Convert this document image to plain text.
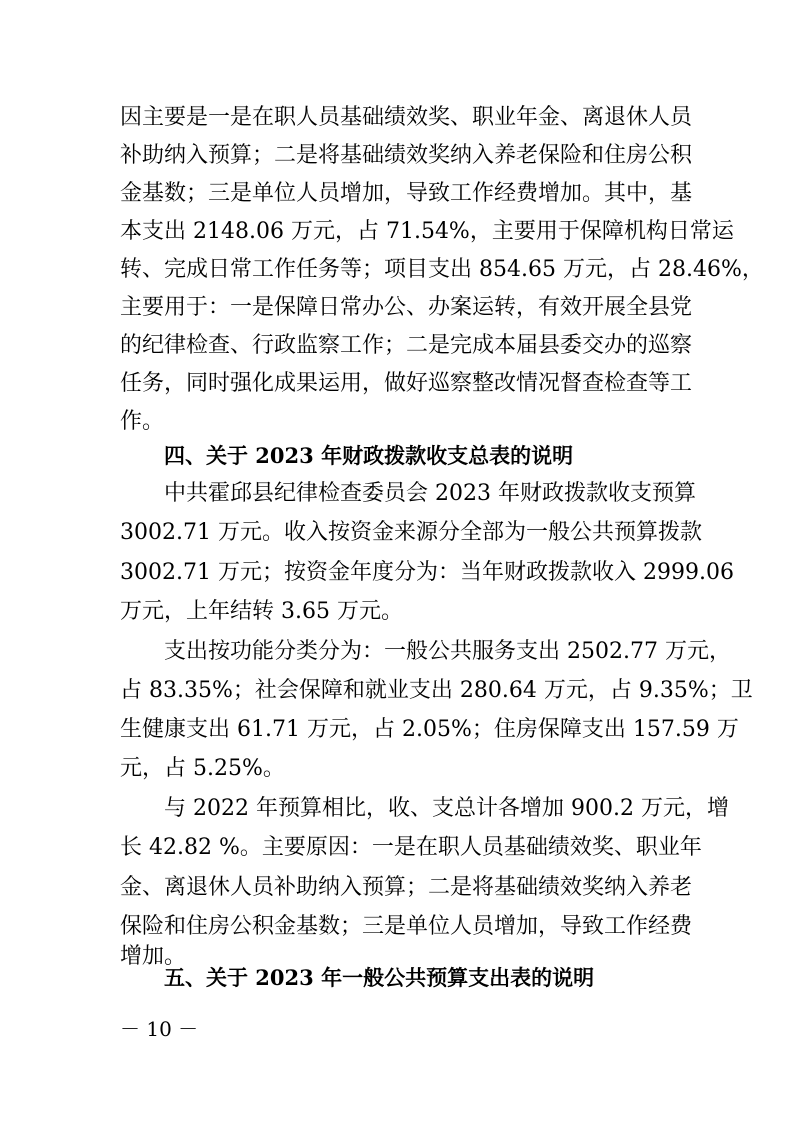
因主要是一是在职人员基础绩效奖、职业年金、离退休人员
补助纳入预算；二是将基础绩效奖纳入养老保险和住房公积
金基数；三是单位人员增加，导致工作经费增加。其中，基
本支出 2148.06 万元，占 71.54%，主要用于保障机构日常运
转、完成日常工作任务等；项目支出 854.65 万元，占 28.46%，
主要用于：一是保障日常办公、办案运转，有效开展全县党
的纪律检查、行政监察工作；二是完成本届县委交办的巡察
任务，同时强化成果运用，做好巡察整改情况督查检查等工
作。
四、关于 2023 年财政拨款收支总表的说明
中共霍邱县纪律检查委员会 2023 年财政拨款收支预算
3002.71 万元。收入按资金来源分全部为一般公共预算拨款
3002.71 万元；按资金年度分为：当年财政拨款收入 2999.06
万元，上年结转 3.65 万元。
支出按功能分类分为：一般公共服务支出 2502.77 万元，
占 83.35%；社会保障和就业支出 280.64 万元，占 9.35%；卫
生健康支出 61.71 万元，占 2.05%；住房保障支出 157.59 万
元，占 5.25%。
与 2022 年预算相比，收、支总计各增加 900.2 万元，增
长 42.82 %。主要原因：一是在职人员基础绩效奖、职业年
金、离退休人员补助纳入预算；二是将基础绩效奖纳入养老
保险和住房公积金基数；三是单位人员增加，导致工作经费
增加。
五、关于 2023 年一般公共预算支出表的说明
－ 10 －
